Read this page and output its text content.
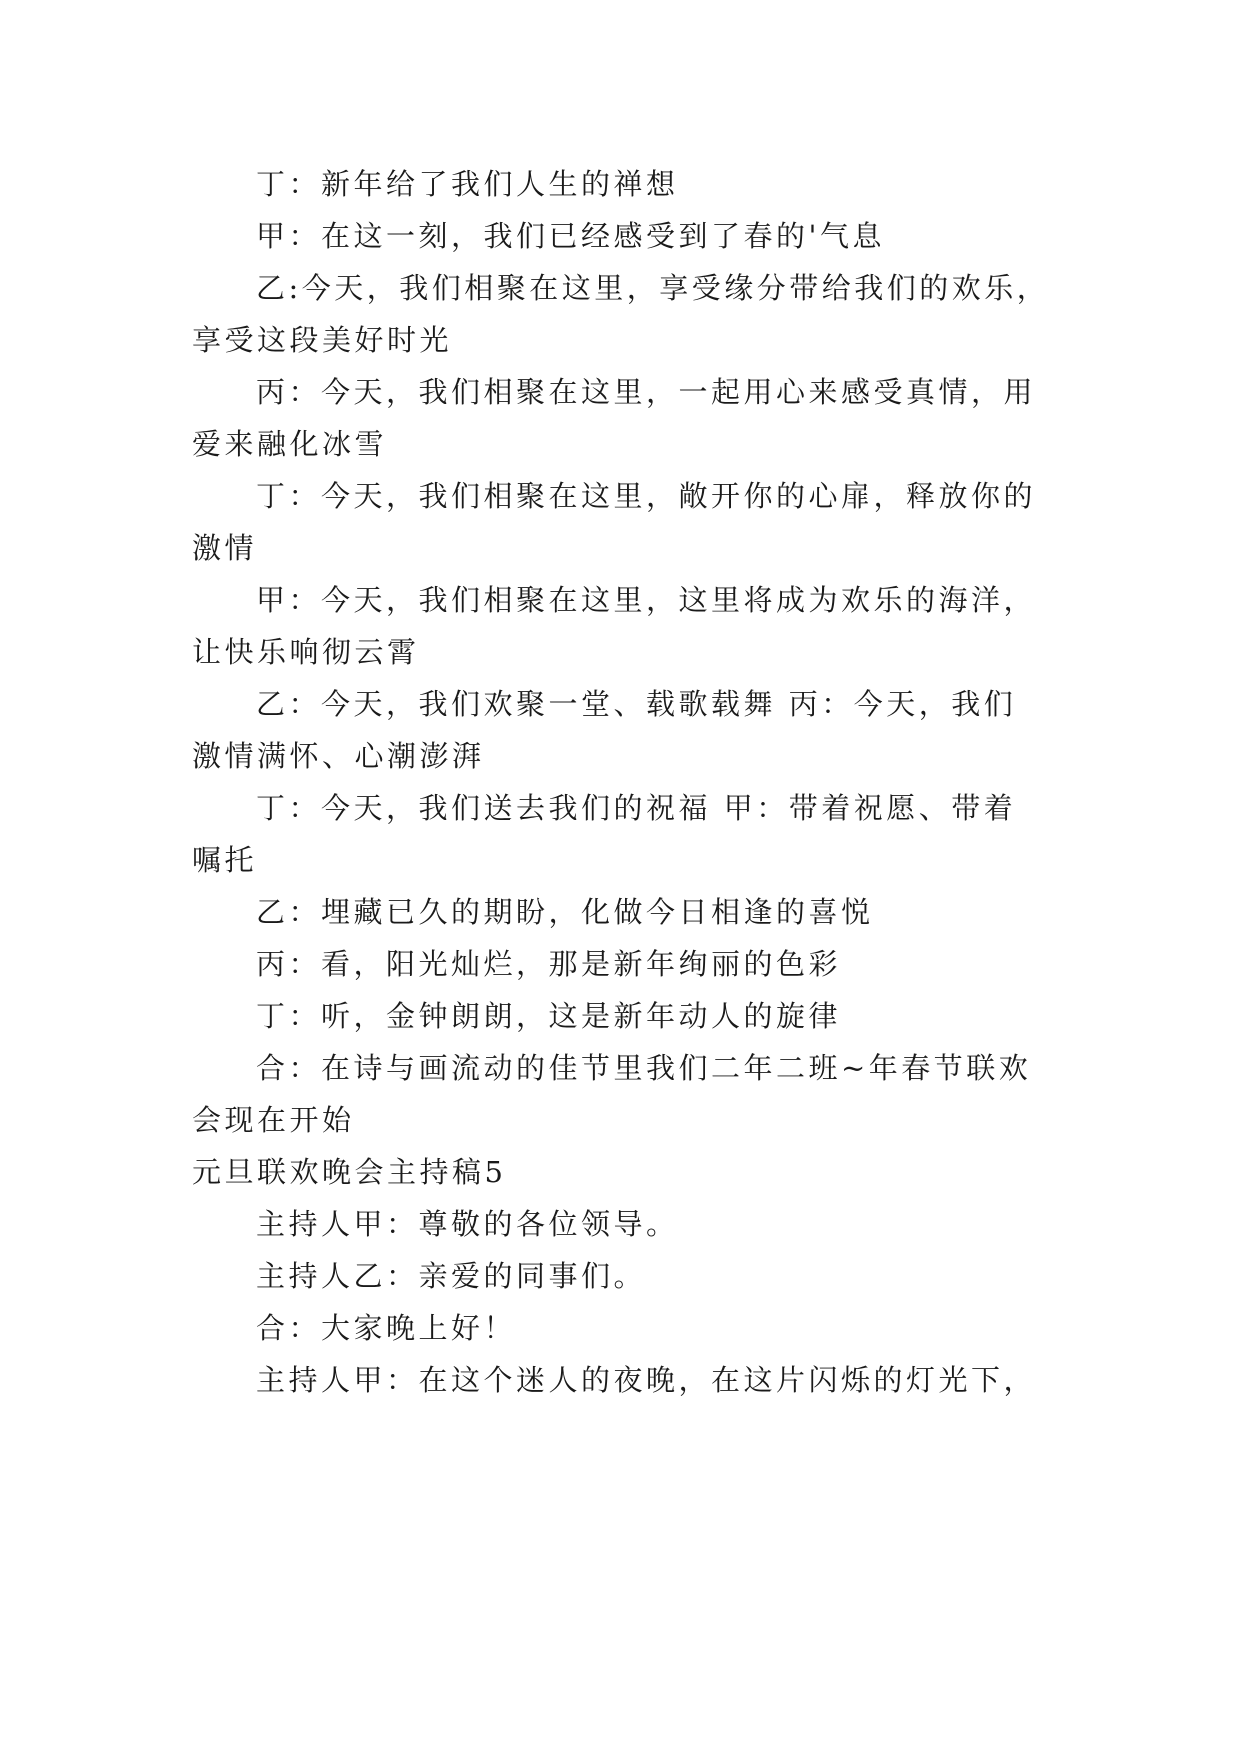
丁：新年给了我们人生的禅想
甲：在这一刻，我们已经感受到了春的'气息
乙:今天，我们相聚在这里，享受缘分带给我们的欢乐，
享受这段美好时光
丙：今天，我们相聚在这里，一起用心来感受真情，用
爱来融化冰雪
丁：今天，我们相聚在这里，敞开你的心扉，释放你的
激情
甲：今天，我们相聚在这里，这里将成为欢乐的海洋，
让快乐响彻云霄
乙：今天，我们欢聚一堂、载歌载舞 丙：今天，我们
激情满怀、心潮澎湃
丁：今天，我们送去我们的祝福 甲：带着祝愿、带着
嘱托
乙：埋藏已久的期盼，化做今日相逢的喜悦
丙：看，阳光灿烂，那是新年绚丽的色彩
丁：听，金钟朗朗，这是新年动人的旋律
合：在诗与画流动的佳节里我们二年二班~年春节联欢
会现在开始
元旦联欢晚会主持稿5
主持人甲：尊敬的各位领导。
主持人乙：亲爱的同事们。
合：大家晚上好！
主持人甲：在这个迷人的夜晚，在这片闪烁的灯光下，
